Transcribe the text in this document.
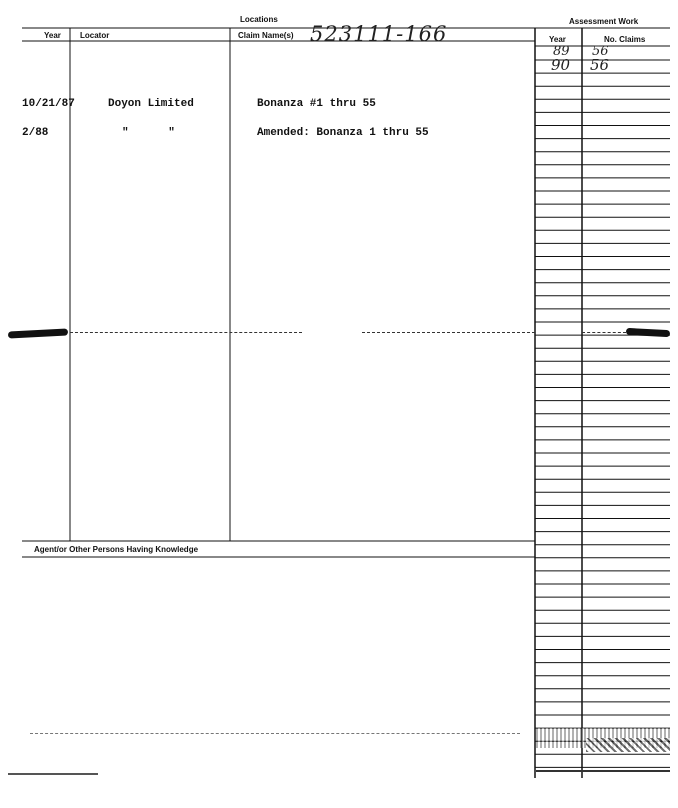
Locations	Assessment Work
Year Locator	Claim Name(s)	Year	No. Claims
523111-166
10/21/87	Doyon Limited	Bonanza #1 thru 55
2/88	"      "	Amended: Bonanza 1 thru 55
89 56
90 56
Agent/or Other Persons Having Knowledge
